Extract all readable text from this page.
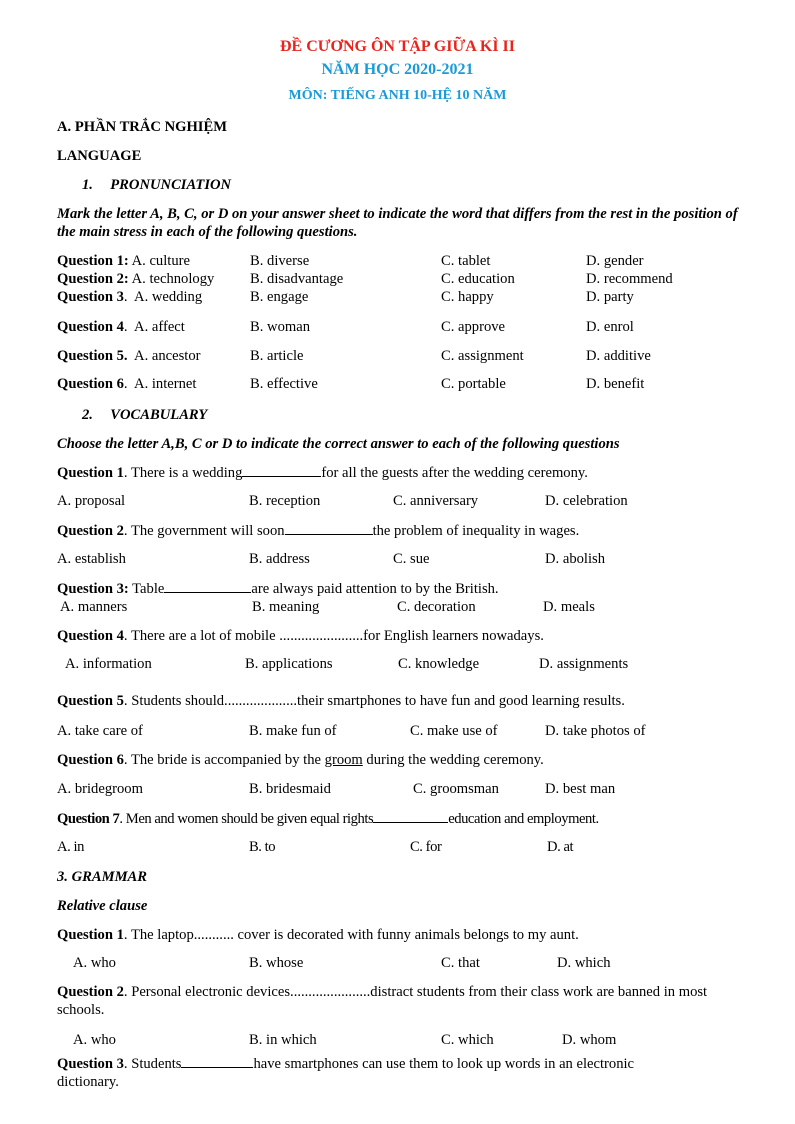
ĐỀ CƯƠNG ÔN TẬP GIỮA KÌ II
NĂM HỌC 2020-2021
MÔN: TIẾNG ANH 10-HỆ 10 NĂM
A. PHẦN TRẮC NGHIỆM
LANGUAGE
1. PRONUNCIATION
Mark the letter A, B, C, or D on your answer sheet to indicate the word that differs from the rest in the position of the main stress in each of the following questions.
Question 1: A. culture	B. diverse	C. tablet	D. gender
Question 2: A. technology B. disadvantage	C. education	D. recommend
Question 3.  A. wedding	B. engage	C. happy	D. party
Question 4.  A. affect	B. woman	C. approve	D. enrol
Question 5.  A. ancestor	B. article	C. assignment	D. additive
Question 6.  A. internet	B. effective	C. portable	D. benefit
2. VOCABULARY
Choose the letter A,B, C or D to indicate the correct answer to each of the following questions
Question 1. There is a wedding	for all the guests after the wedding ceremony.
A. proposal	B. reception	C. anniversary	D. celebration
Question 2. The government will soon	the problem of inequality in wages.
A. establish	B. address	C. sue	D. abolish
Question 3: Table	are always paid attention to by the British.
A. manners	B. meaning	C. decoration	D. meals
Question 4. There are a lot of mobile .......................for English learners nowadays.
A. information	B. applications	C. knowledge	D. assignments
Question 5. Students should....................their smartphones to have fun and good learning results.
A. take care of	B. make fun of	C. make use of	D. take photos of
Question 6. The bride is accompanied by the groom during the wedding ceremony.
A. bridegroom	B. bridesmaid	C. groomsman	D. best man
Question 7. Men and women should be given equal rights	education and employment.
A. in	B. to	C. for	D. at
3. GRAMMAR
Relative clause
Question 1. The laptop........... cover is decorated with funny animals belongs to my aunt.
A. who	B. whose	C. that	D. which
Question 2. Personal electronic devices......................distract students from their class work are banned in most schools.
A. who	B. in which	C. which	D. whom
Question 3. Students	have smartphones can use them to look up words in an electronic dictionary.
